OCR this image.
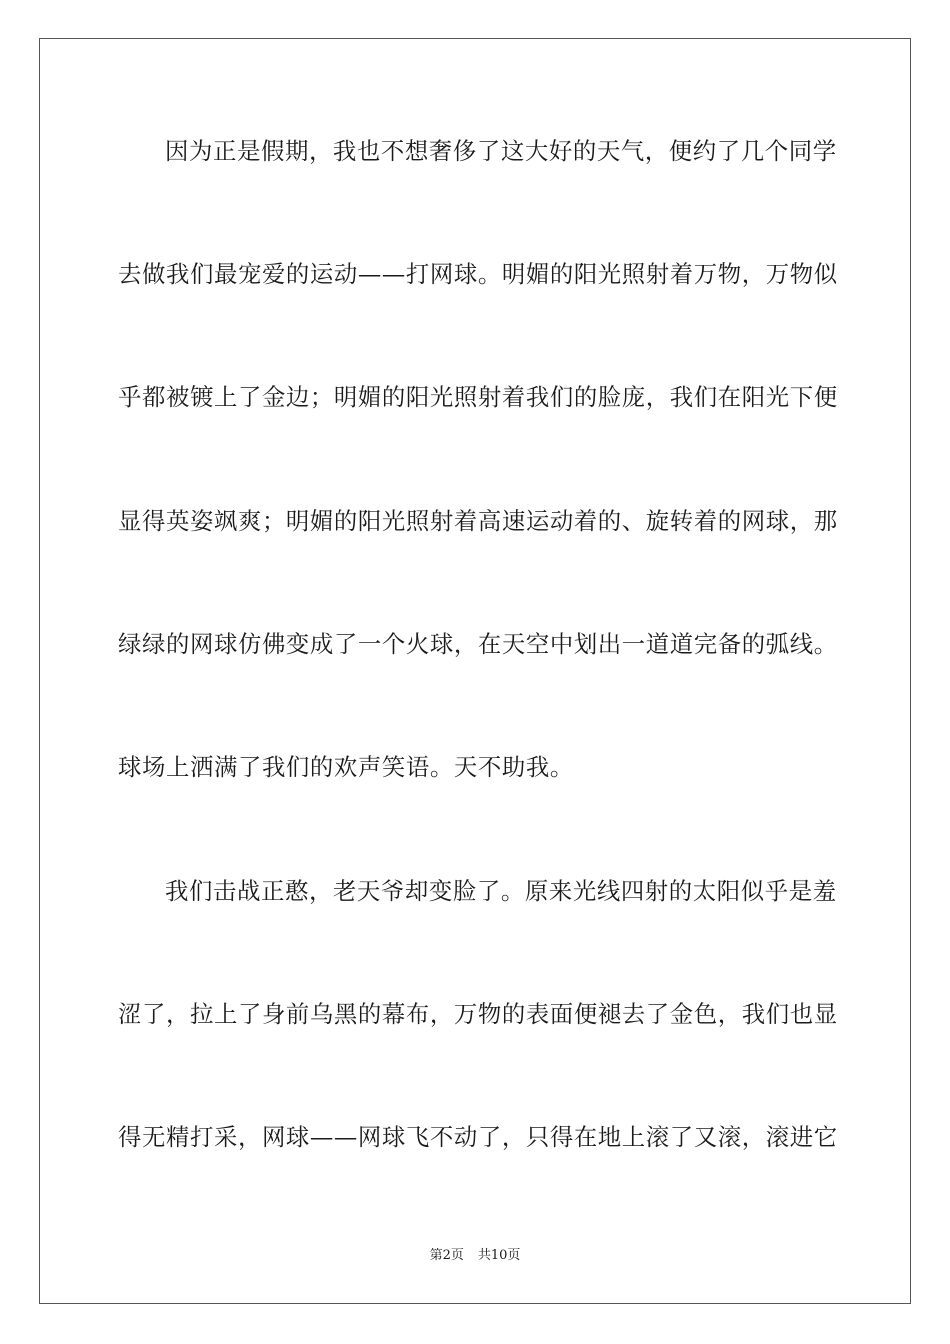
因为正是假期，我也不想奢侈了这大好的天气，便约了几个同学
去做我们最宠爱的运动——打网球。明媚的阳光照射着万物，万物似
乎都被镀上了金边；明媚的阳光照射着我们的脸庞，我们在阳光下便
显得英姿飒爽；明媚的阳光照射着高速运动着的、旋转着的网球，那
绿绿的网球仿佛变成了一个火球，在天空中划出一道道完备的弧线。
球场上洒满了我们的欢声笑语。天不助我。
我们击战正憨，老天爷却变脸了。原来光线四射的太阳似乎是羞
涩了，拉上了身前乌黑的幕布，万物的表面便褪去了金色，我们也显
得无精打采，网球——网球飞不动了，只得在地上滚了又滚，滚进它
第2页 共10页
